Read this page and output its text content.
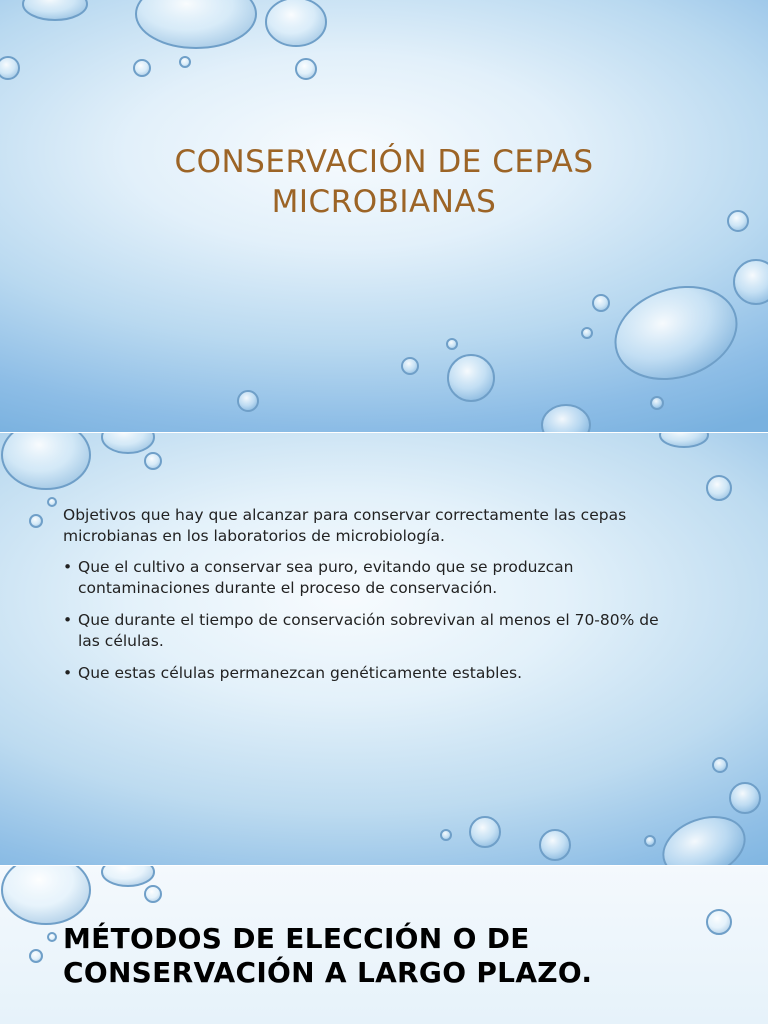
CONSERVACIÓN DE CEPAS
MICROBIANAS
Objetivos que hay que alcanzar para conservar correctamente las cepas
microbianas en los laboratorios de microbiología.
• Que el cultivo a conservar sea puro, evitando que se produzcan
contaminaciones durante el proceso de conservación.
• Que durante el tiempo de conservación sobrevivan al menos el 70-80% de
las células.
• Que estas células permanezcan genéticamente estables.
MÉTODOS DE ELECCIÓN O DE
CONSERVACIÓN A LARGO PLAZO.
